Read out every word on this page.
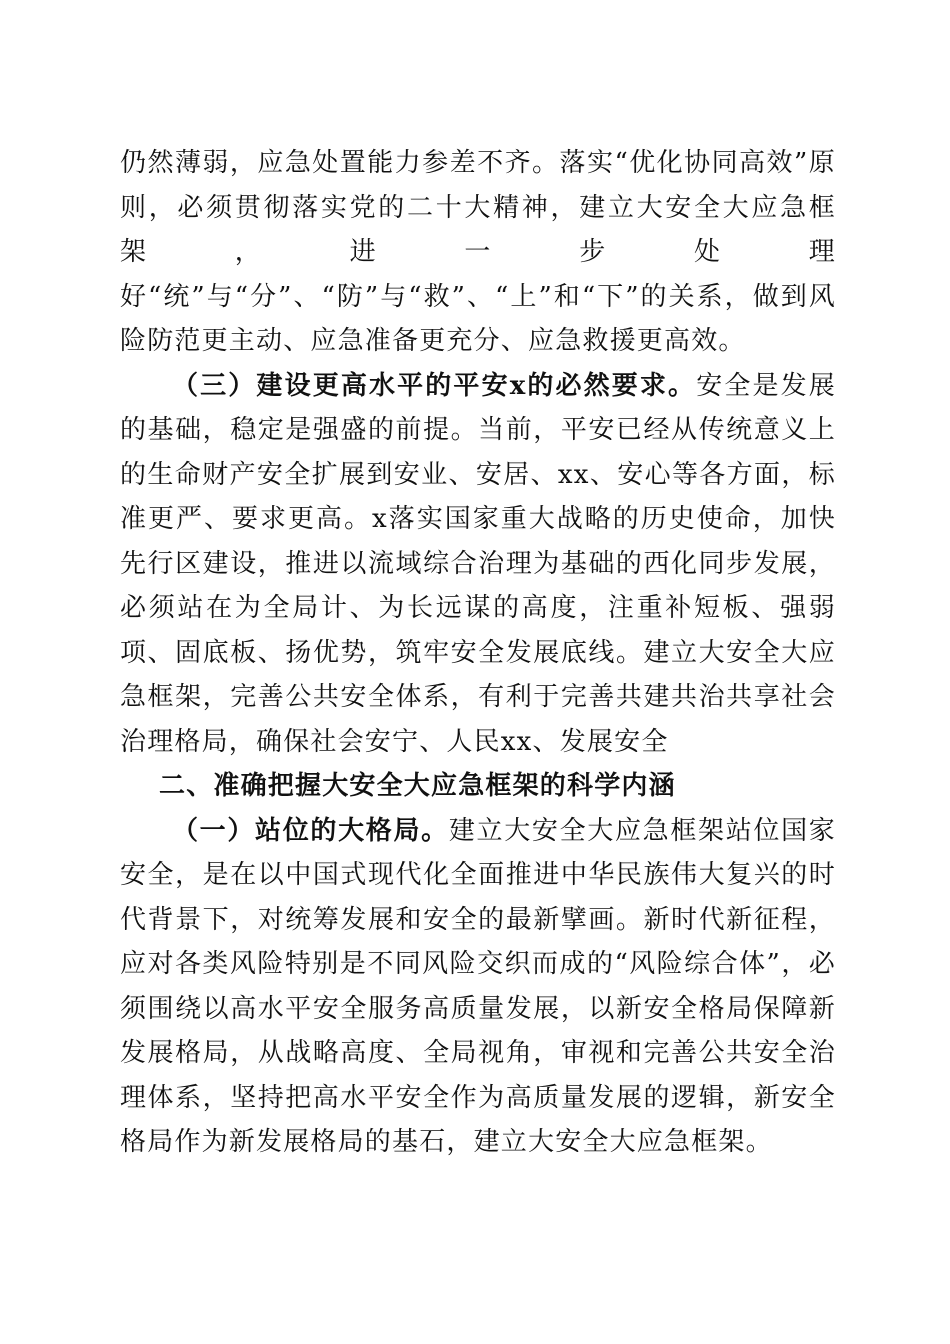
仍然薄弱，应急处置能力参差不齐。落实“优化协同高效”原则，必须贯彻落实党的二十大精神，建立大安全大应急框架，进一步处理好“统”与“分”、“防”与“救”、“上”和“下”的关系，做到风险防范更主动、应急准备更充分、应急救援更高效。

（三）建设更高水平的平安x的必然要求。安全是发展的基础，稳定是强盛的前提。当前，平安已经从传统意义上的生命财产安全扩展到安业、安居、xx、安心等各方面，标准更严、要求更高。x落实国家重大战略的历史使命，加快先行区建设，推进以流域综合治理为基础的西化同步发展，必须站在为全局计、为长远谋的高度，注重补短板、强弱项、固底板、扬优势，筑牢安全发展底线。建立大安全大应急框架，完善公共安全体系，有利于完善共建共治共享社会治理格局，确保社会安宁、人民xx、发展安全

二、准确把握大安全大应急框架的科学内涵

（一）站位的大格局。建立大安全大应急框架站位国家安全，是在以中国式现代化全面推进中华民族伟大复兴的时代背景下，对统筹发展和安全的最新擘画。新时代新征程，应对各类风险特别是不同风险交织而成的“风险综合体”，必须围绕以高水平安全服务高质量发展，以新安全格局保障新发展格局，从战略高度、全局视角，审视和完善公共安全治理体系，坚持把高水平安全作为高质量发展的逻辑，新安全格局作为新发展格局的基石，建立大安全大应急框架。
